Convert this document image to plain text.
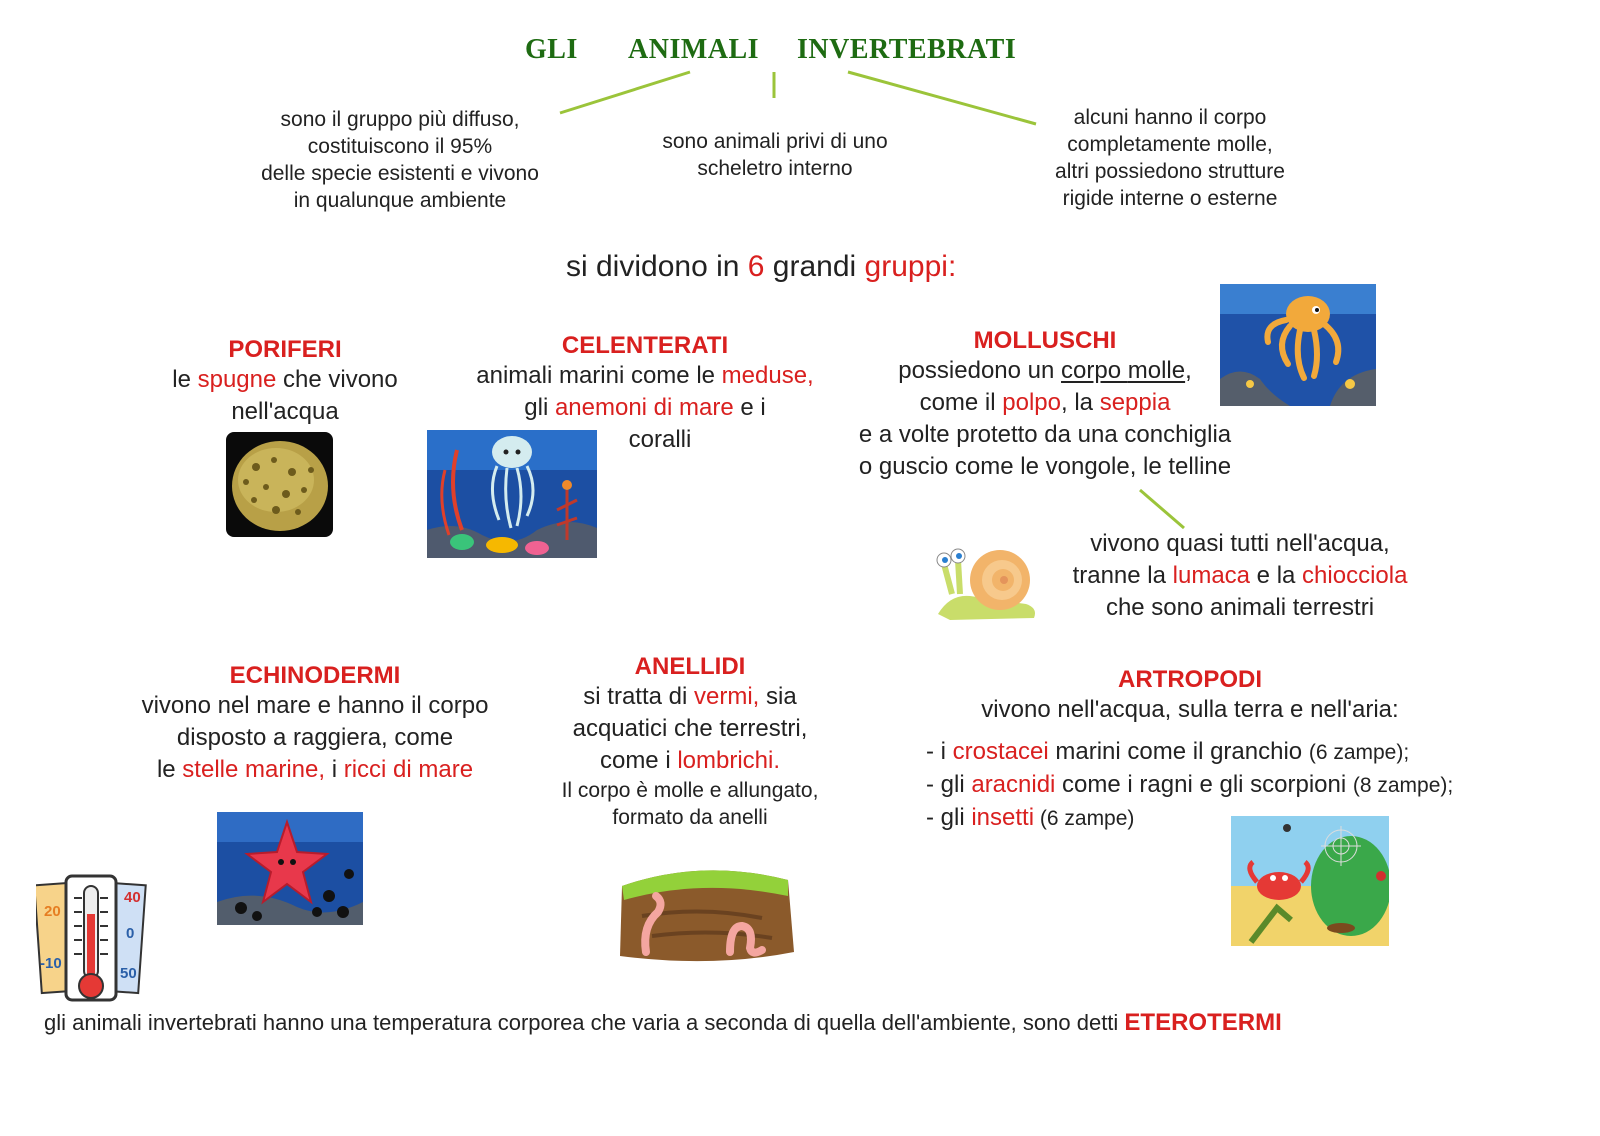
GLI ANIMALI INVERTEBRATI
sono il gruppo più diffuso,
costituiscono il 95%
delle specie esistenti e vivono
in qualunque ambiente
sono animali privi di uno
scheletro interno
alcuni hanno il corpo
completamente molle,
altri possiedono strutture
rigide interne o esterne
si dividono in 6 grandi gruppi:
PORIFERI
le spugne che vivono
nell'acqua
CELENTERATI
animali marini come le meduse,
gli anemoni di mare e i
coralli
MOLLUSCHI
possiedono un corpo molle,
come il polpo, la seppia
e a volte protetto da una conchiglia
o guscio come le vongole, le telline
vivono quasi tutti nell'acqua,
tranne la lumaca e la chiocciola
che sono animali terrestri
ECHINODERMI
vivono nel mare e hanno il corpo
disposto a raggiera, come
le stelle marine, i ricci di mare
ANELLIDI
si tratta di vermi, sia
acquatici che terrestri,
come i lombrichi.
Il corpo è molle e allungato,
formato da anelli
ARTROPODI
vivono nell'acqua, sulla terra e nell'aria:
- i crostacei marini come il granchio (6 zampe);
- gli aracnidi come i ragni e gli scorpioni (8 zampe);
- gli insetti (6 zampe)
20
40
0
-10
50
gli animali invertebrati hanno una temperatura corporea che varia a seconda di quella dell'ambiente, sono detti ETEROTERMI
